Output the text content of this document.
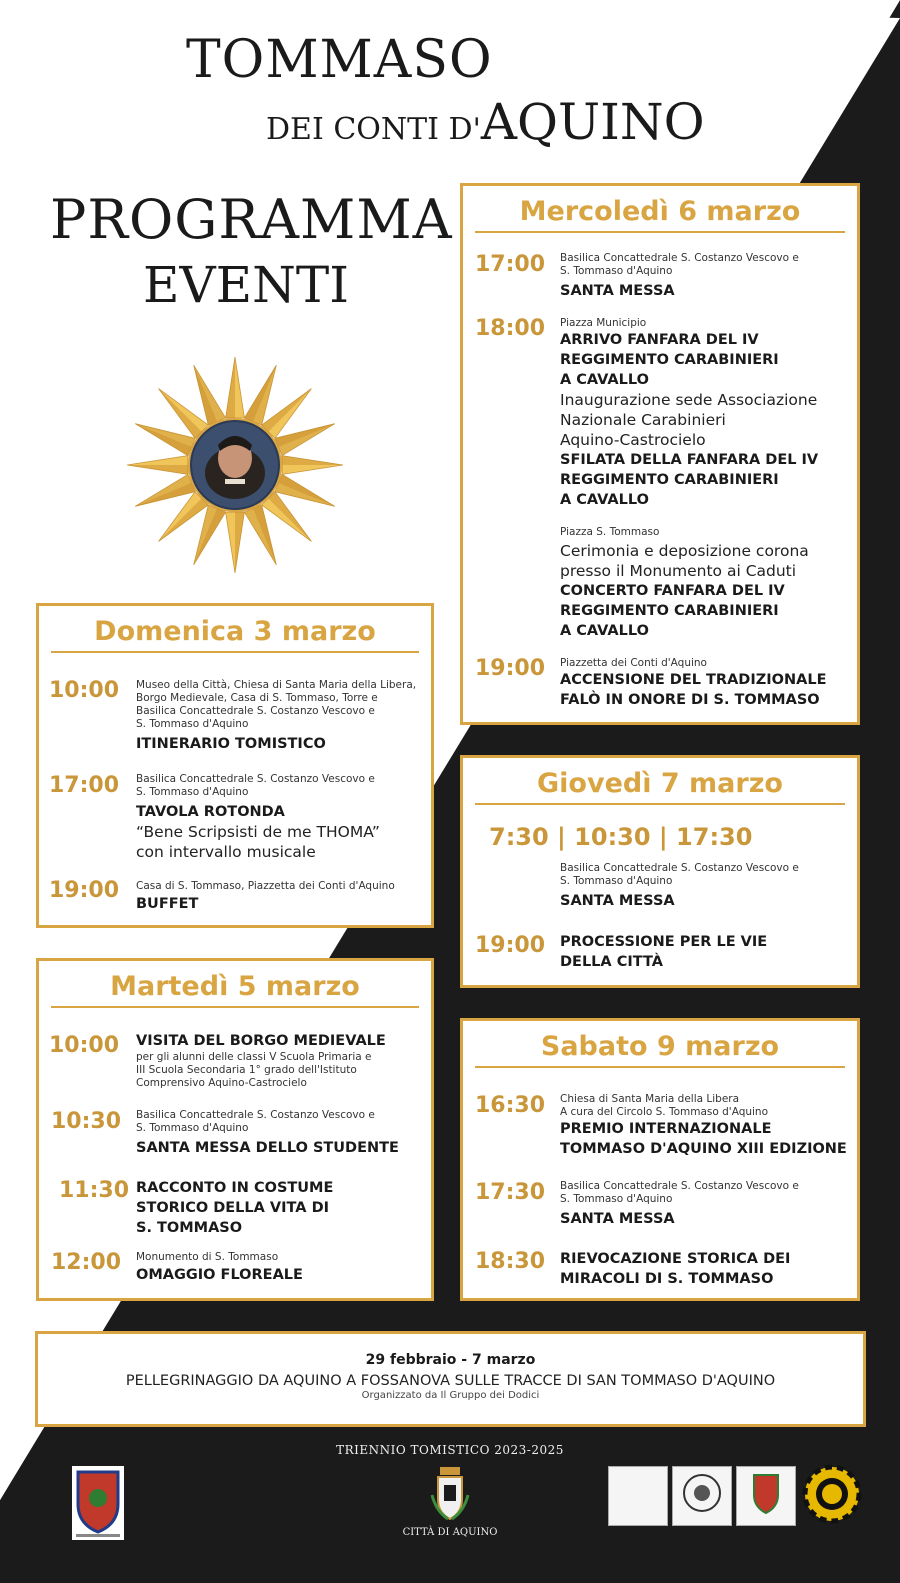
TOMMASO
DEI CONTI D'AQUINO
PROGRAMMA
EVENTI
Domenica 3 marzo
10:00 Museo della Città, Chiesa di Santa Maria della Libera,
Borgo Medievale, Casa di S. Tommaso, Torre e
Basilica Concattedrale S. Costanzo Vescovo e
S. Tommaso d'Aquino
ITINERARIO TOMISTICO
17:00 Basilica Concattedrale S. Costanzo Vescovo e
S. Tommaso d'Aquino
TAVOLA ROTONDA
“Bene Scripsisti de me THOMA”
con intervallo musicale
19:00 Casa di S. Tommaso, Piazzetta dei Conti d'Aquino
BUFFET
Martedì 5 marzo
10:00 VISITA DEL BORGO MEDIEVALE
per gli alunni delle classi V Scuola Primaria e
III Scuola Secondaria 1° grado dell'Istituto
Comprensivo Aquino-Castrocielo
10:30 Basilica Concattedrale S. Costanzo Vescovo e
S. Tommaso d'Aquino
SANTA MESSA DELLO STUDENTE
11:30 RACCONTO IN COSTUME
STORICO DELLA VITA DI
S. TOMMASO
12:00 Monumento di S. Tommaso
OMAGGIO FLOREALE
Mercoledì 6 marzo
17:00 Basilica Concattedrale S. Costanzo Vescovo e
S. Tommaso d'Aquino
SANTA MESSA
18:00 Piazza Municipio
ARRIVO FANFARA DEL IV
REGGIMENTO CARABINIERI
A CAVALLO
Inaugurazione sede Associazione
Nazionale Carabinieri
Aquino-Castrocielo
SFILATA DELLA FANFARA DEL IV
REGGIMENTO CARABINIERI
A CAVALLO
Piazza S. Tommaso
Cerimonia e deposizione corona
presso il Monumento ai Caduti
CONCERTO FANFARA DEL IV
REGGIMENTO CARABINIERI
A CAVALLO
19:00 Piazzetta dei Conti d'Aquino
ACCENSIONE DEL TRADIZIONALE
FALÒ IN ONORE DI S. TOMMASO
Giovedì 7 marzo
7:30 | 10:30 | 17:30
Basilica Concattedrale S. Costanzo Vescovo e
S. Tommaso d'Aquino
SANTA MESSA
19:00 PROCESSIONE PER LE VIE
DELLA CITTÀ
Sabato 9 marzo
16:30 Chiesa di Santa Maria della Libera
A cura del Circolo S. Tommaso d'Aquino
PREMIO INTERNAZIONALE
TOMMASO D'AQUINO XIII EDIZIONE
17:30 Basilica Concattedrale S. Costanzo Vescovo e
S. Tommaso d'Aquino
SANTA MESSA
18:30 RIEVOCAZIONE STORICA DEI
MIRACOLI DI S. TOMMASO
29 febbraio - 7 marzo
PELLEGRINAGGIO DA AQUINO A FOSSANOVA SULLE TRACCE DI SAN TOMMASO D'AQUINO
Organizzato da Il Gruppo dei Dodici
TRIENNIO TOMISTICO 2023-2025
CITTÀ DI AQUINO
